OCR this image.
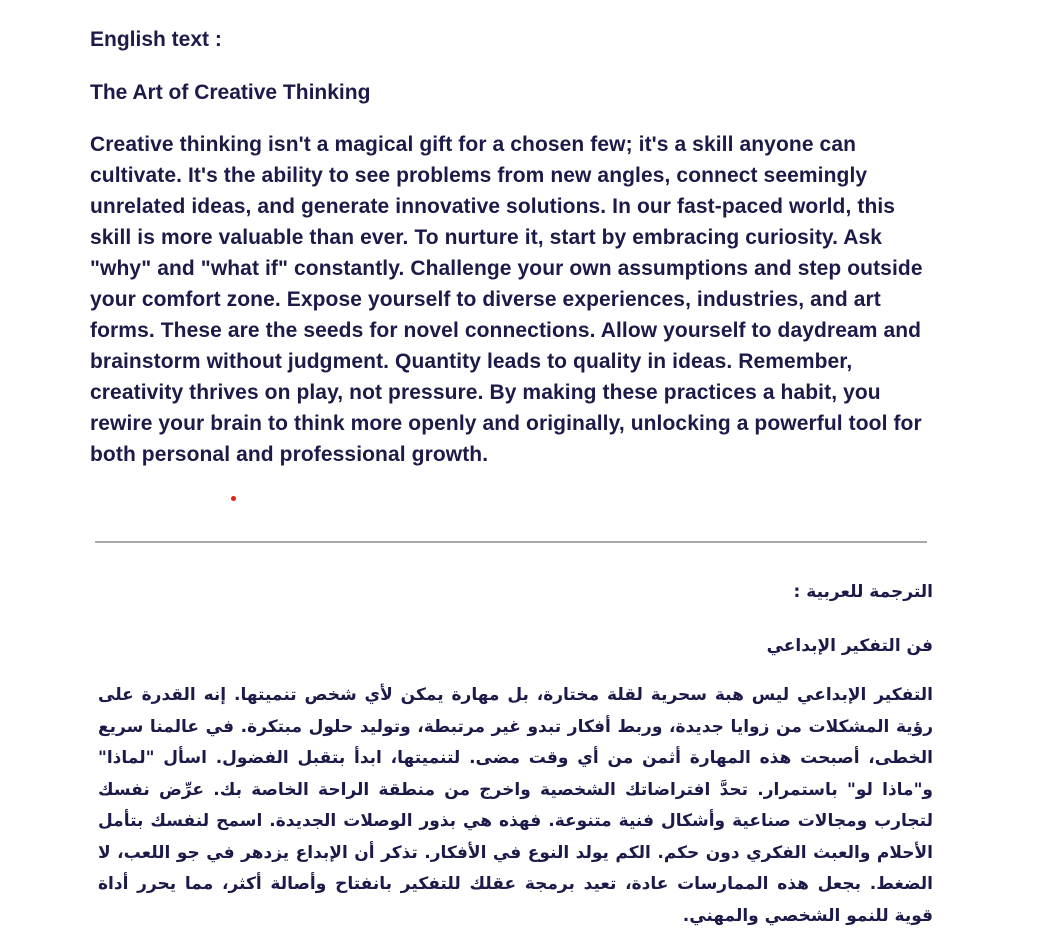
English text :

The Art of Creative Thinking

Creative thinking isn't a magical gift for a chosen few; it's a skill anyone can cultivate. It's the ability to see problems from new angles, connect seemingly unrelated ideas, and generate innovative solutions. In our fast-paced world, this skill is more valuable than ever. To nurture it, start by embracing curiosity. Ask "why" and "what if" constantly. Challenge your own assumptions and step outside your comfort zone. Expose yourself to diverse experiences, industries, and art forms. These are the seeds for novel connections. Allow yourself to daydream and brainstorm without judgment. Quantity leads to quality in ideas. Remember, creativity thrives on play, not pressure. By making these practices a habit, you rewire your brain to think more openly and originally, unlocking a powerful tool for both personal and professional growth.

الترجمة للعربية :
فن التفكير الإبداعي
التفكير الإبداعي ليس هبة سحرية لقلة مختارة، بل مهارة يمكن لأي شخص تنميتها. إنه القدرة على رؤية المشكلات من زوايا جديدة، وربط أفكار تبدو غير مرتبطة، وتوليد حلول مبتكرة. في عالمنا سريع الخطى، أصبحت هذه المهارة أثمن من أي وقت مضى. لتنميتها، ابدأ بتقبل الفضول. اسأل "لماذا" و"ماذا لو" باستمرار. تحدَّ افتراضاتك الشخصية واخرج من منطقة الراحة الخاصة بك. عرِّض نفسك لتجارب ومجالات صناعية وأشكال فنية متنوعة. فهذه هي بذور الوصلات الجديدة. اسمح لنفسك بتأمل الأحلام والعبث الفكري دون حكم. الكم يولد النوع في الأفكار. تذكر أن الإبداع يزدهر في جو اللعب، لا الضغط. بجعل هذه الممارسات عادة، تعيد برمجة عقلك للتفكير بانفتاح وأصالة أكثر، مما يحرر أداة قوية للنمو الشخصي والمهني.
